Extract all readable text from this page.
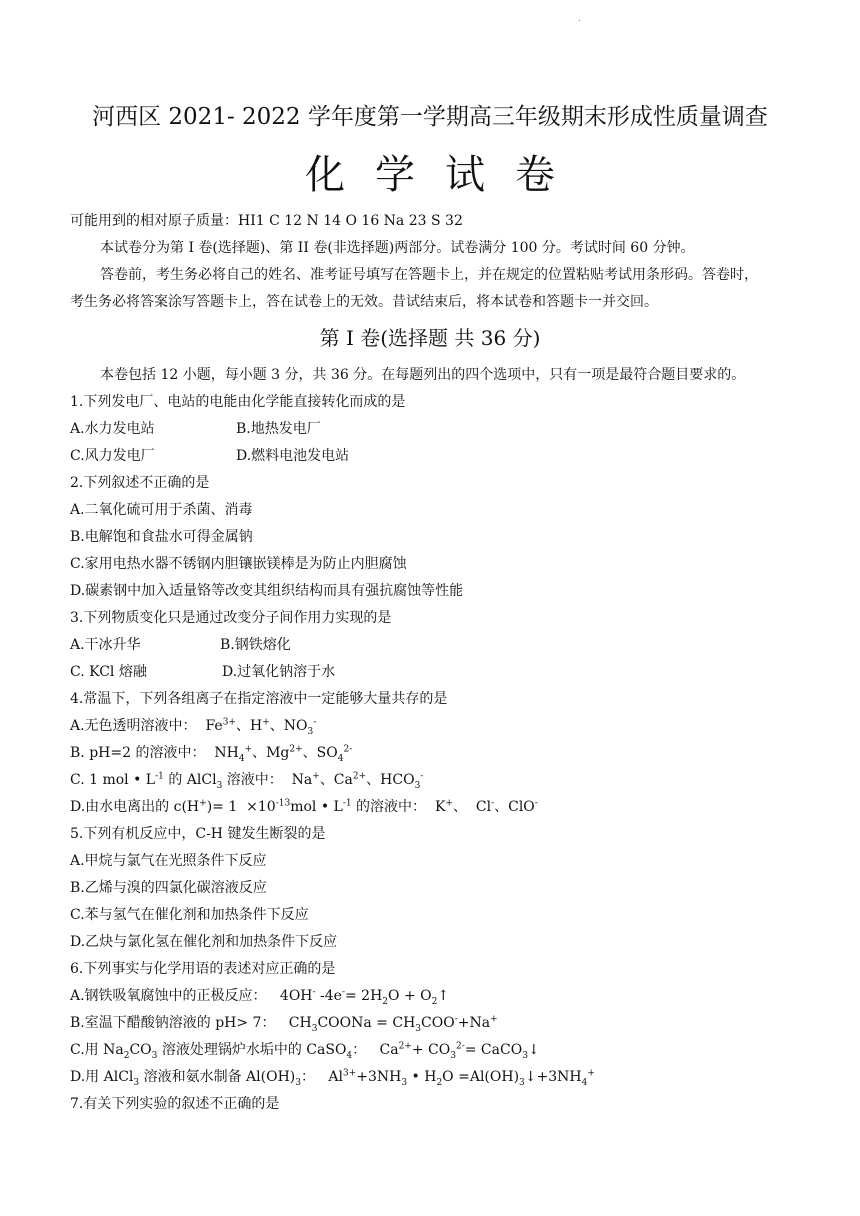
.
河西区 2021- 2022 学年度第一学期高三年级期末形成性质量调查
化学试卷
可能用到的相对原子质量：HI1 C 12 N 14 O 16 Na 23 S 32
本试卷分为第 I 卷(选择题)、第 II 卷(非选择题)两部分。试卷满分 100 分。考试时间 60 分钟。
答卷前，考生务必将自己的姓名、准考证号填写在答题卡上，并在规定的位置粘贴考试用条形码。答卷时，
考生务必将答案涂写答题卡上，答在试卷上的无效。昔试结束后，将本试卷和答题卡一并交回。
第 I 卷(选择题 共 36 分)
本卷包括 12 小题，每小题 3 分，共 36 分。在每题列出的四个选项中，只有一项是最符合题目要求的。
1.下列发电厂、电站的电能由化学能直接转化而成的是
A.水力发电站	B.地热发电厂
C.风力发电厂	D.燃料电池发电站
2.下列叙述不正确的是
A.二氧化硫可用于杀菌、消毒
B.电解饱和食盐水可得金属钠
C.家用电热水器不锈钢内胆镶嵌镁棒是为防止内胆腐蚀
D.碳素钢中加入适量铬等改变其组织结构而具有强抗腐蚀等性能
3.下列物质变化只是通过改变分子间作用力实现的是
A.干冰升华	B.钢铁熔化
C. KCl 熔融	D.过氧化钠溶于水
4.常温下，下列各组离子在指定溶液中一定能够大量共存的是
A.无色透明溶液中：  $Fe^{3+}$、H+、$NO_3^-$
B. pH=2 的溶液中：  $NH_4^+$、$Mg^{2+}$、$SO_4^{2-}$
C. 1 mol • $L^{-1}$ 的 AlCl$_3$ 溶液中：  Na+、$Ca^{2+}$、$HCO_3^-$
D.由水电离出的 $c(H^+)= 1 \times 10^{-13}mol$ • $L^{-1}$ 的溶液中：  K+、  Cl-、ClO-
5.下列有机反应中，C-H 键发生断裂的是
A.甲烷与氯气在光照条件下反应
B.乙烯与溴的四氯化碳溶液反应
C.苯与氢气在催化剂和加热条件下反应
D.乙炔与氯化氢在催化剂和加热条件下反应
6.下列事实与化学用语的表述对应正确的是
A.钢铁吸氧腐蚀中的正极反应：   4OH- $-4e^-= 2H_2O$ + $O_2↑$
B.室温下醋酸钠溶液的 pH> 7：   $CH_3COONa = CH_3COO^-+Na^+$
C.用 $Na_2CO_3$ 溶液处理锅炉水垢中的 CaSO$_4$：   $Ca^{2+}+ CO_3^{2-}=$ CaCO$_3$↓
D.用 AlCl$_3$ 溶液和氨水制备 $Al(OH)_3$：   $Al^{3+}+3NH_3$ • $H_2O$ $=Al(OH)_3↓+3NH_4^+$
7.有关下列实验的叙述不正确的是
